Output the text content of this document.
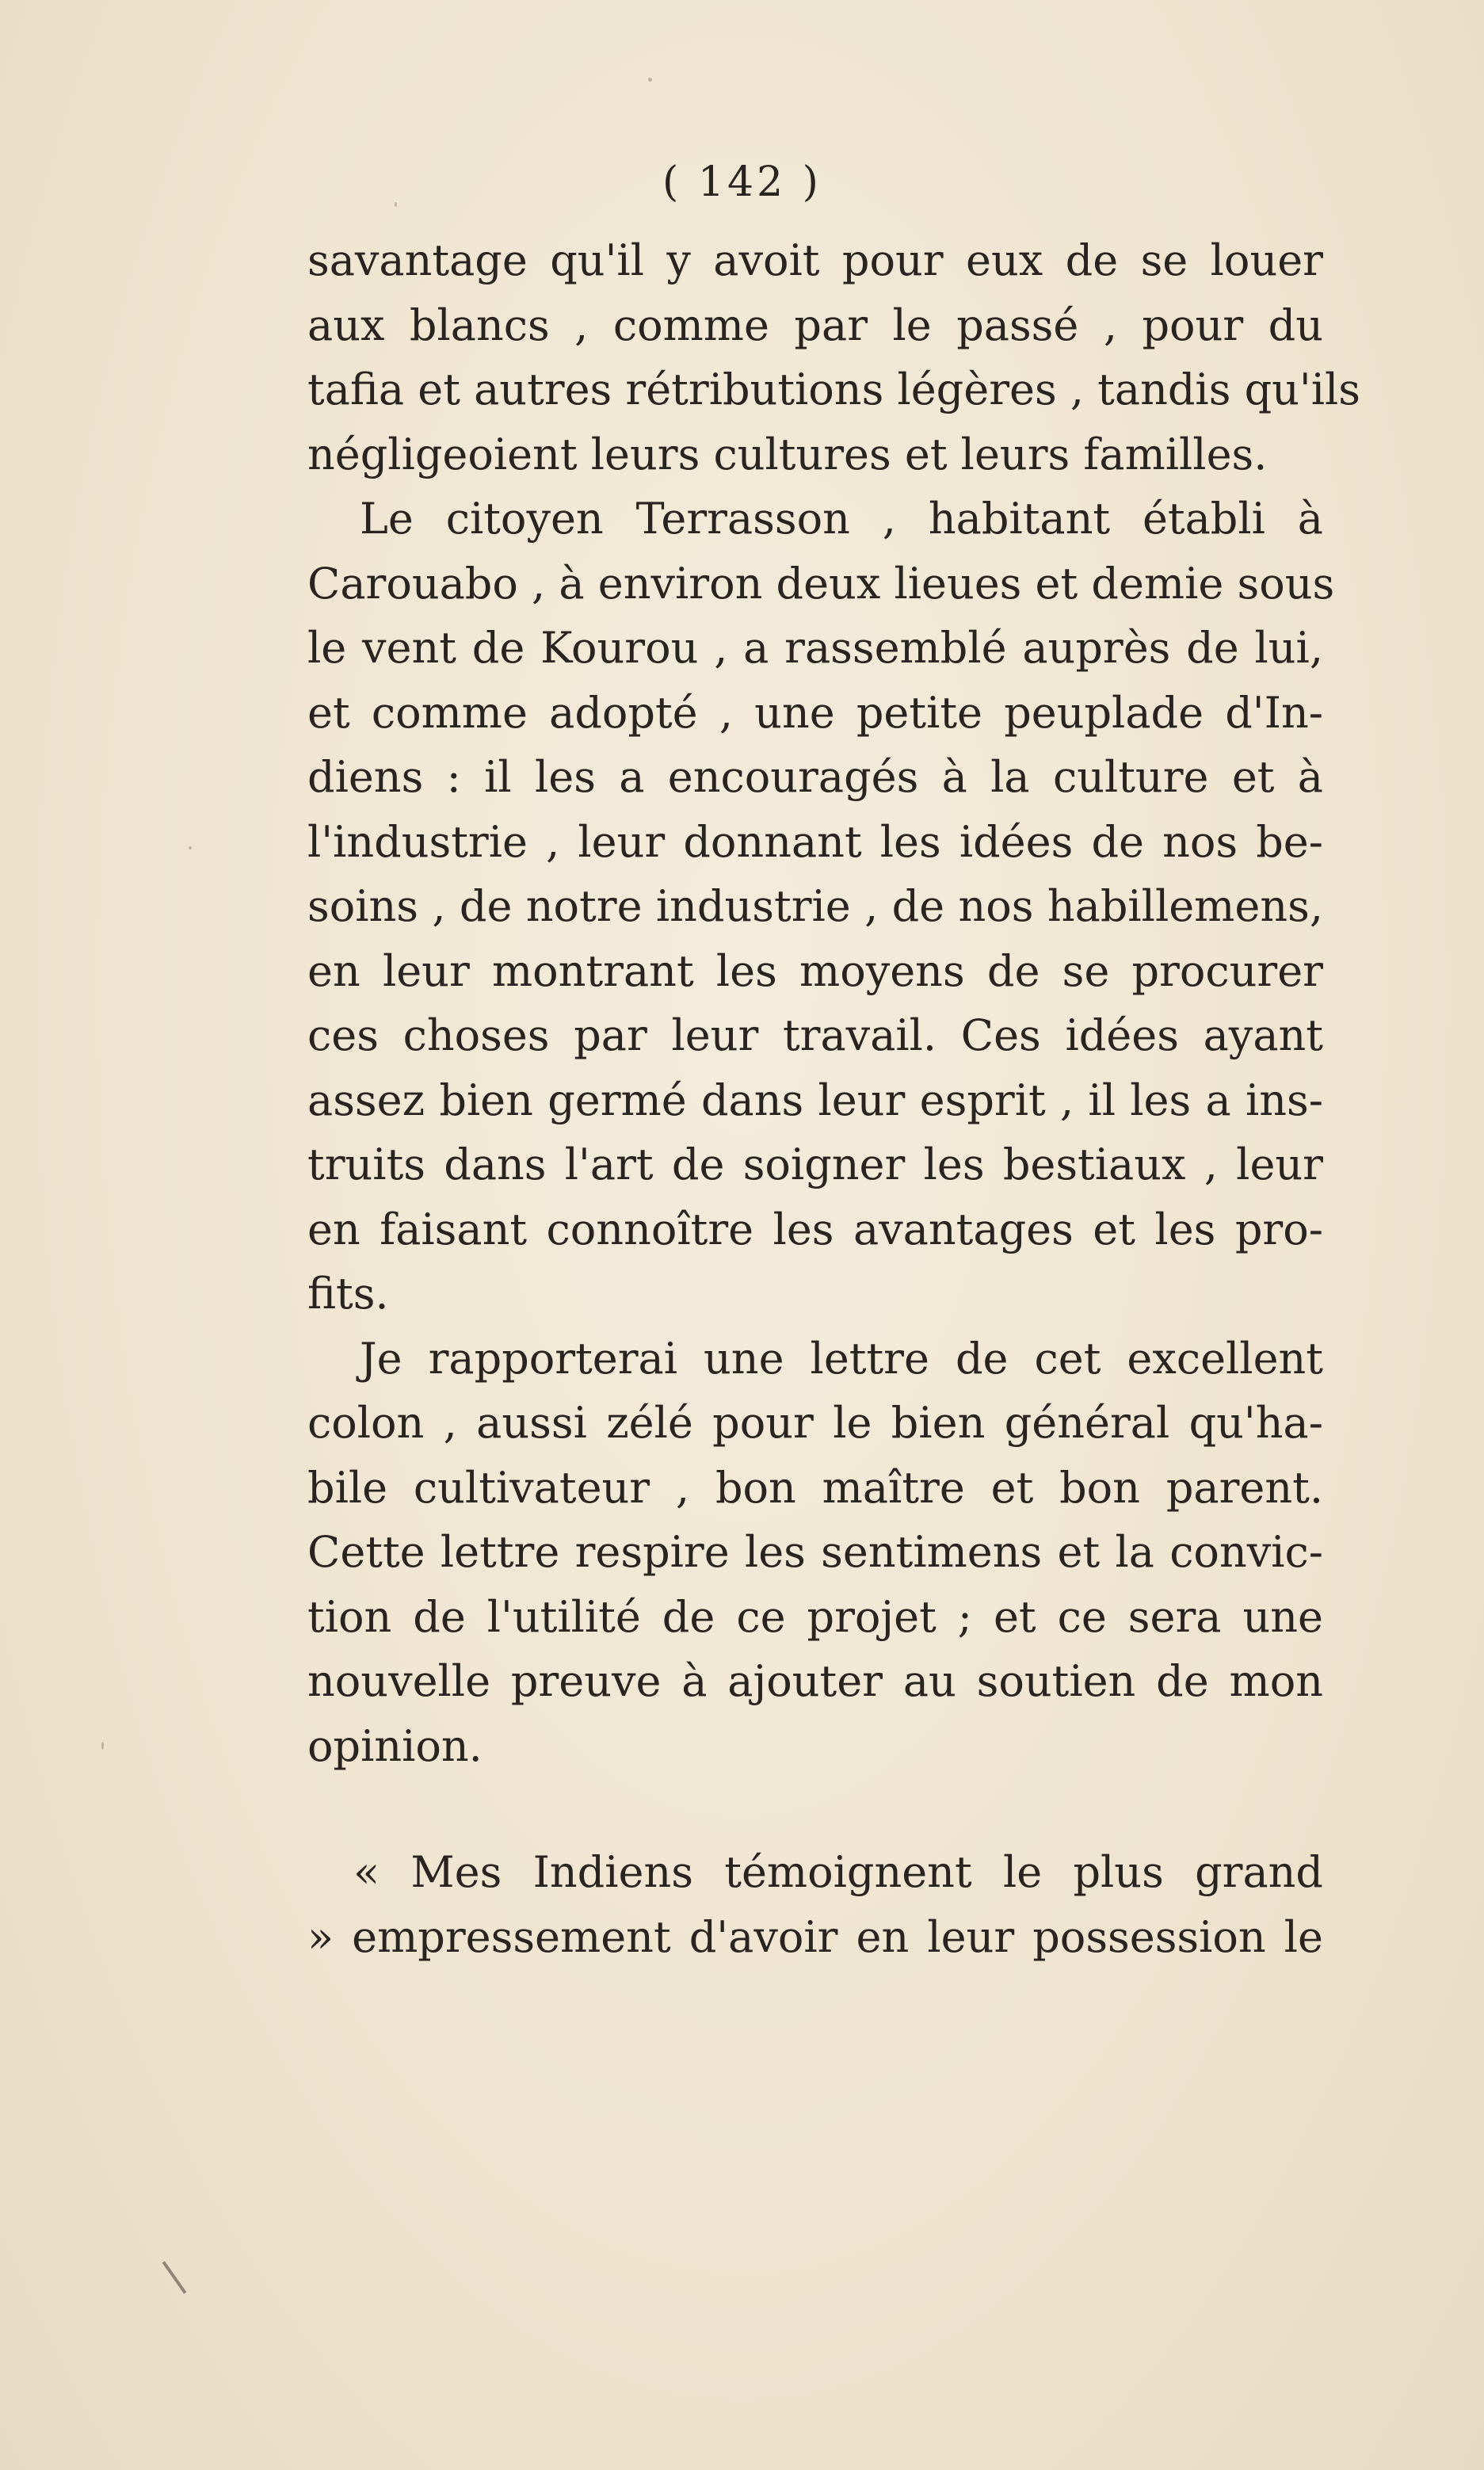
( 142 )

savantage qu'il y avoit pour eux de se louer
aux blancs , comme par le passé , pour du
tafia et autres rétributions légères , tandis qu'ils
négligeoient leurs cultures et leurs familles.
Le citoyen Terrasson , habitant établi à
Carouabo , à environ deux lieues et demie sous
le vent de Kourou , a rassemblé auprès de lui,
et comme adopté , une petite peuplade d'In-
diens : il les a encouragés à la culture et à
l'industrie , leur donnant les idées de nos be-
soins , de notre industrie , de nos habillemens,
en leur montrant les moyens de se procurer
ces choses par leur travail. Ces idées ayant
assez bien germé dans leur esprit , il les a ins-
truits dans l'art de soigner les bestiaux , leur
en faisant connoître les avantages et les pro-
fits.
Je rapporterai une lettre de cet excellent
colon , aussi zélé pour le bien général qu'ha-
bile cultivateur , bon maître et bon parent.
Cette lettre respire les sentimens et la convic-
tion de l'utilité de ce projet ; et ce sera une
nouvelle preuve à ajouter au soutien de mon
opinion.
« Mes Indiens témoignent le plus grand
» empressement d'avoir en leur possession le
